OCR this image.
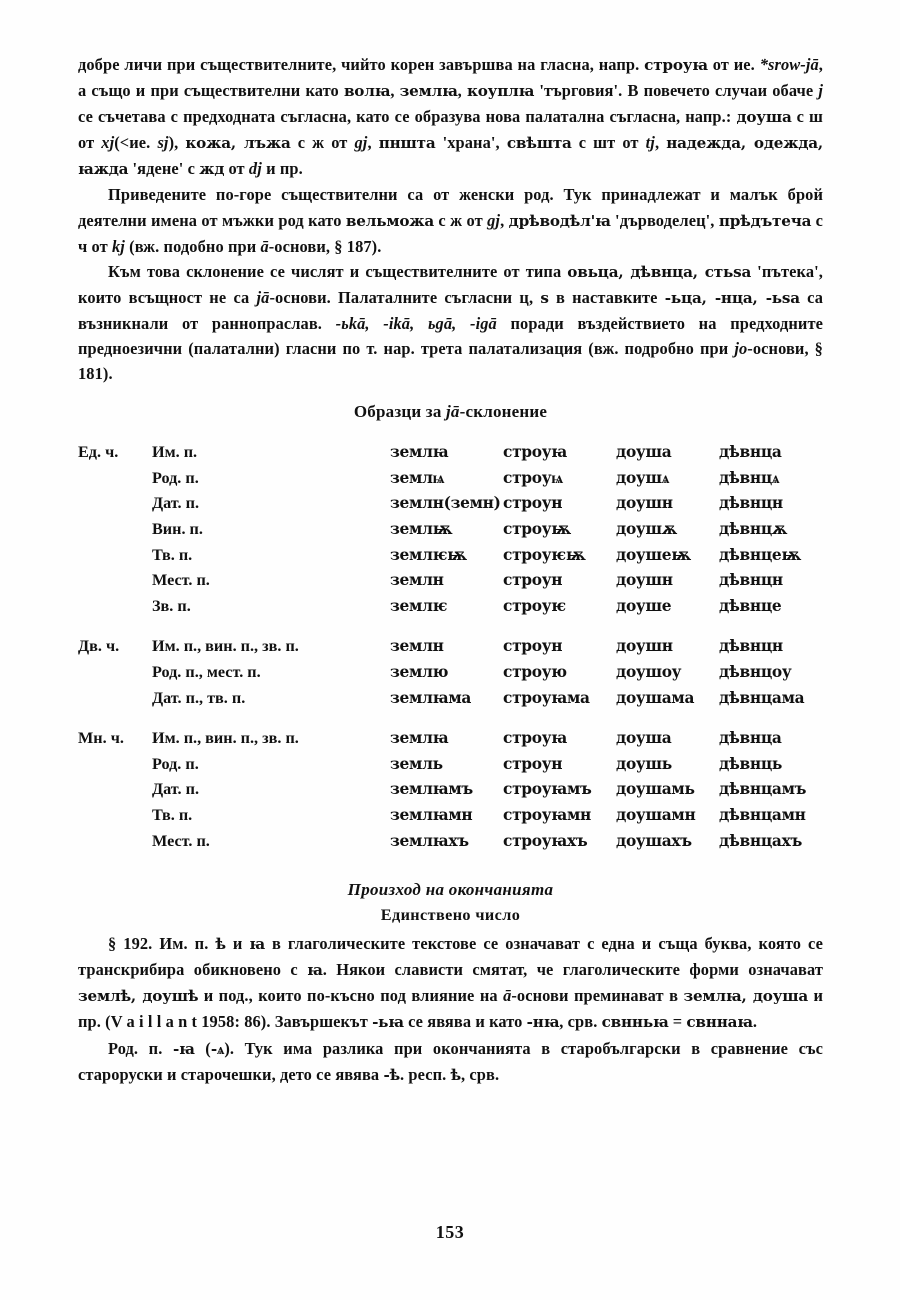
добре личи при съществителните, чийто корен завършва на гласна, напр. строуꙗ от ие. *srow-jā, а също и при съществителни като волꙗ, землꙗ, коуплꙗ 'търговия'. В повечето случаи обаче j се съчетава с предходната съгласна, като се образува нова палатална съгласна, напр.: доуша с ш от xj(<ие. sj), кожа, лъжа с ж от gj, пншта 'храна', свѣшта с шт от tj, надежда, одежда, ꙗжда 'ядене' с жд от dj и пр.
Приведените по-горе съществителни са от женски род. Тук принадлежат и малък брой деятелни имена от мъжки род като вельможа с ж от gj, дрѣводѣл'ꙗ 'дърводелец', прѣдътеча с ч от kj (вж. подобно при ā-основи, § 187).
Към това склонение се числят и съществителните от типа овьца, дѣвнца, стьѕа 'пътека', които всъщност не са jā-основи. Палаталните съгласни ц, ѕ в наставките -ьца, -нца, -ьѕа са възникнали от раннопраслав. -ьkā, -ikā, ьgā, -igā поради въздействието на предходните предноезични (палатални) гласни по т. нар. трета палатализация (вж. подробно при jo-основи, § 181).
Образци за jā-склонение
Ед. ч.	Им. п.	землꙗ	строуꙗ	доуша	дѣвнца
	Род. п.	землѩ	строуѩ	доушѧ	дѣвнцѧ
	Дат. п.	землн(земн)	строун	доушн	дѣвнцн
	Вин. п.	землѭ	строуѭ	доушѫ	дѣвнцѫ
	Тв. п.	землѥѭ	строуѥѭ	доушеѭ	дѣвнцеѭ
	Мест. п.	землн	строун	доушн	дѣвнцн
	Зв. п.	землѥ	строуѥ	доуше	дѣвнце
Дв. ч.	Им. п., вин. п., зв. п.	землн	строун	доушн	дѣвнцн
	Род. п., мест. п.	землю	строую	доушоу	дѣвнцоу
	Дат. п., тв. п.	землꙗма	строуꙗма	доушама	дѣвнцама
Мн. ч.	Им. п., вин. п., зв. п.	землꙗ	строуꙗ	доуша	дѣвнца
	Род. п.	земль	строун	доушь	дѣвнць
	Дат. п.	землꙗмъ	строуꙗмъ	доушамь	дѣвнцамъ
	Тв. п.	землꙗмн	строуꙗмн	доушамн	дѣвнцамн
	Мест. п.	землꙗхъ	строуꙗхъ	доушахъ	дѣвнцахъ
Произход на окончанията
Единствено число
§ 192. Им. п. ѣ и ꙗ в глаголическите текстове се означават с една и съща буква, която се транскрибира обикновено с ꙗ. Някои слависти смятат, че глаголическите форми означават землѣ, доушѣ и под., които по-късно под влияние на ā-основи преминават в землꙗ, доуша и пр. (V a i l l a n t 1958: 86). Завършекът -ьꙗ се явява и като -нꙗ, срв. свнньꙗ = свннаꙗ.
Род. п. -ꙗ (-ѧ). Тук има разлика при окончанията в старобългарски в сравнение със староруски и старочешки, дето се явява -ѣ. респ. ѣ, срв.
153
